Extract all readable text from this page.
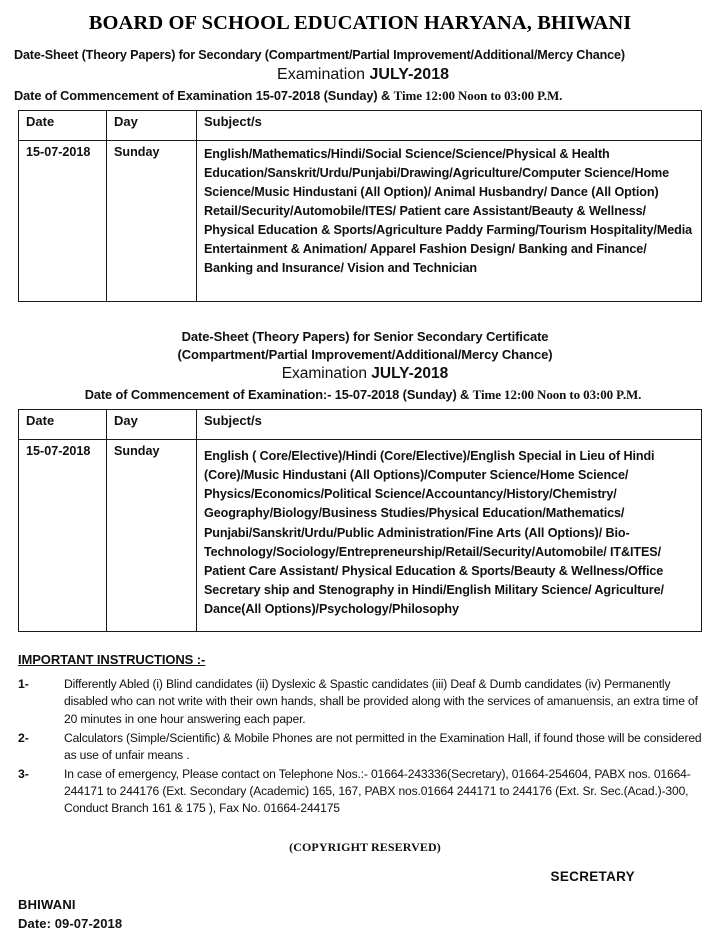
BOARD OF SCHOOL EDUCATION HARYANA, BHIWANI
Date-Sheet (Theory Papers) for Secondary (Compartment/Partial Improvement/Additional/Mercy Chance)
Examination JULY-2018
Date of Commencement of Examination 15-07-2018 (Sunday) & Time 12:00 Noon to 03:00 P.M.
Date	Day	Subject/s
15-07-2018	Sunday	English/Mathematics/Hindi/Social Science/Science/Physical & Health Education/Sanskrit/Urdu/Punjabi/Drawing/Agriculture/Computer Science/Home Science/Music Hindustani (All Option)/ Animal Husbandry/ Dance (All Option) Retail/Security/Automobile/ITES/ Patient care Assistant/Beauty & Wellness/ Physical Education & Sports/Agriculture Paddy Farming/Tourism Hospitality/Media Entertainment & Animation/ Apparel Fashion Design/ Banking and Finance/ Banking and Insurance/ Vision and Technician
Date-Sheet (Theory Papers) for Senior Secondary Certificate
(Compartment/Partial Improvement/Additional/Mercy Chance)
Examination JULY-2018
Date of Commencement of Examination:- 15-07-2018 (Sunday) & Time 12:00 Noon to 03:00 P.M.
Date	Day	Subject/s
15-07-2018	Sunday	English ( Core/Elective)/Hindi (Core/Elective)/English Special in Lieu of Hindi (Core)/Music Hindustani (All Options)/Computer Science/Home Science/ Physics/Economics/Political Science/Accountancy/History/Chemistry/ Geography/Biology/Business Studies/Physical Education/Mathematics/ Punjabi/Sanskrit/Urdu/Public Administration/Fine Arts (All Options)/ Bio-Technology/Sociology/Entrepreneurship/Retail/Security/Automobile/ IT&ITES/ Patient Care Assistant/ Physical Education & Sports/Beauty & Wellness/Office Secretary ship and Stenography in Hindi/English Military Science/ Agriculture/ Dance(All Options)/Psychology/Philosophy
IMPORTANT INSTRUCTIONS :-
1-	Differently Abled (i) Blind candidates (ii) Dyslexic & Spastic candidates (iii) Deaf & Dumb candidates (iv) Permanently disabled who can not write with their own hands, shall be provided along with the services of amanuensis, an extra time of 20 minutes in one hour answering each paper.
2-	Calculators (Simple/Scientific) & Mobile Phones are not permitted in the Examination Hall, if found those will be considered as use of unfair means .
3-	In case of emergency, Please contact on Telephone Nos.:- 01664-243336(Secretary), 01664-254604, PABX nos. 01664- 244171 to 244176 (Ext. Secondary (Academic) 165, 167, PABX nos.01664 244171 to 244176 (Ext. Sr. Sec.(Acad.)-300, Conduct Branch 161 & 175 ), Fax No. 01664-244175
(COPYRIGHT RESERVED)
SECRETARY
BHIWANI
Date: 09-07-2018
